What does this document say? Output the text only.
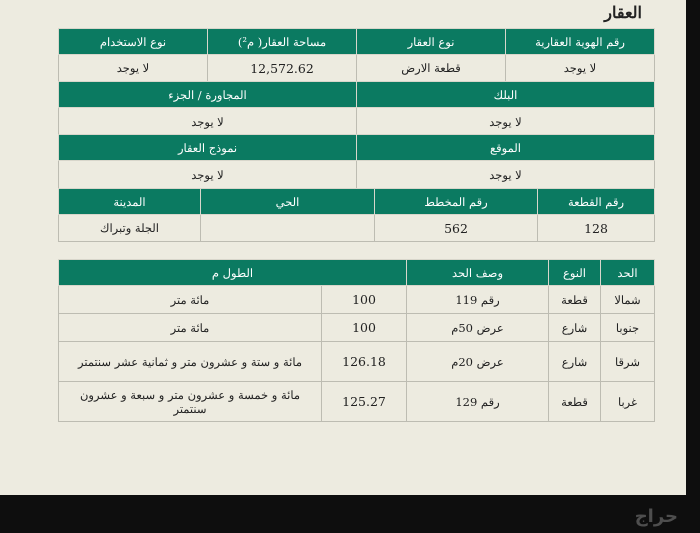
العقار
رقم الهوية العقارية	نوع العقار	مساحة العقار( م²)	نوع الاستخدام
لا يوجد	قطعة الارض	12,572.62	لا يوجد
البلك	المجاورة / الجزء
لا يوجد	لا يوجد
الموقع	نموذج العقار
لا يوجد	لا يوجد
رقم القطعة	رقم المخطط	الحي	المدينة
128	562		الجلة وتبراك
الحد	النوع	وصف الحد	الطول م	
شمالا	قطعة	رقم 119	100	مائة متر
جنوبا	شارع	عرض 50م	100	مائة متر
شرقا	شارع	عرض 20م	126.18	مائة و ستة و عشرون متر و ثمانية عشر سنتمتر
غربا	قطعة	رقم 129	125.27	مائة و خمسة و عشرون متر و سبعة و عشرون سنتمتر
حراج
